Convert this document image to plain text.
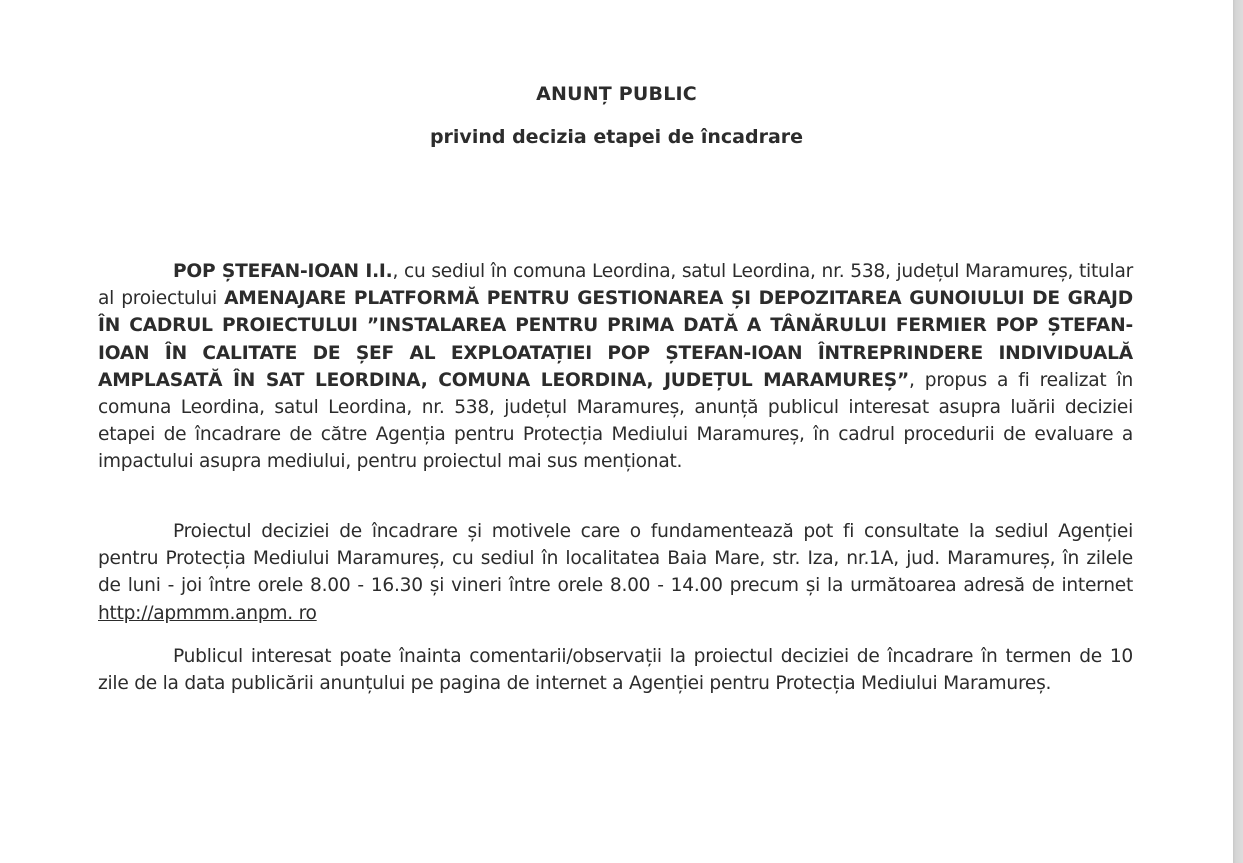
ANUNȚ PUBLIC
privind decizia etapei de încadrare

POP ȘTEFAN-IOAN I.I., cu sediul în comuna Leordina, satul Leordina, nr. 538, județul Maramureș, titular al proiectului AMENAJARE PLATFORMĂ PENTRU GESTIONAREA ȘI DEPOZITAREA GUNOIULUI DE GRAJD ÎN CADRUL PROIECTULUI ”INSTALAREA PENTRU PRIMA DATĂ A TÂNĂRULUI FERMIER POP ȘTEFAN-IOAN ÎN CALITATE DE ȘEF AL EXPLOATAȚIEI POP ȘTEFAN-IOAN ÎNTREPRINDERE INDIVIDUALĂ AMPLASATĂ ÎN SAT LEORDINA, COMUNA LEORDINA, JUDEȚUL MARAMUREȘ”, propus a fi realizat în comuna Leordina, satul Leordina, nr. 538, județul Maramureș, anunță publicul interesat asupra luării deciziei etapei de încadrare de către Agenția pentru Protecția Mediului Maramureș, în cadrul procedurii de evaluare a impactului asupra mediului, pentru proiectul mai sus menționat.

Proiectul deciziei de încadrare și motivele care o fundamentează pot fi consultate la sediul Agenției pentru Protecția Mediului Maramureș, cu sediul în localitatea Baia Mare, str. Iza, nr.1A, jud. Maramureș, în zilele de luni - joi între orele 8.00 - 16.30 și vineri între orele 8.00 - 14.00 precum și la următoarea adresă de internet http://apmmm.anpm. ro

Publicul interesat poate înainta comentarii/observații la proiectul deciziei de încadrare în termen de 10 zile de la data publicării anunțului pe pagina de internet a Agenției pentru Protecția Mediului Maramureș.
